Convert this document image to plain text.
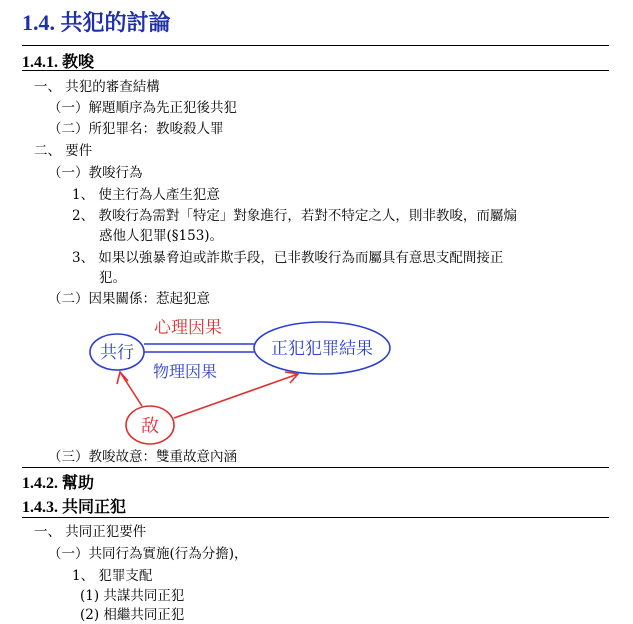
1.4. 共犯的討論
1.4.1. 教唆
一、 共犯的審查結構
（一）解題順序為先正犯後共犯
（二）所犯罪名：教唆殺人罪
二、 要件
（一）教唆行為
1、 使主行為人產生犯意
2、 教唆行為需對「特定」對象進行，若對不特定之人，則非教唆，而屬煽
惑他人犯罪(§153)。
3、 如果以強暴脅迫或詐欺手段，已非教唆行為而屬具有意思支配間接正
犯。
（二）因果關係：惹起犯意
共行	正犯犯罪結果
敌
心理因果
物理因果
（三）教唆故意：雙重故意內涵
1.4.2. 幫助
1.4.3. 共同正犯
一、 共同正犯要件
（一）共同行為實施(行為分擔)，
1、 犯罪支配
(1) 共謀共同正犯
(2) 相繼共同正犯
